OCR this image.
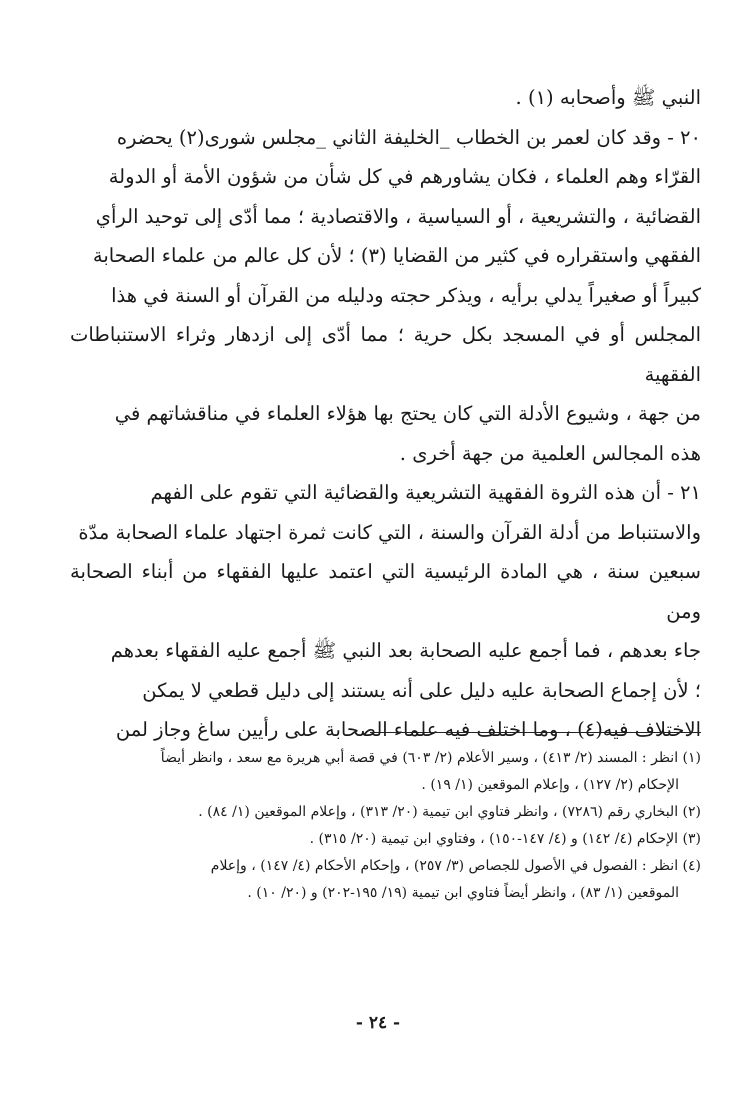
النبي ﷺ وأصحابه (١) .

٢٠ - وقد كان لعمر بن الخطاب _الخليفة الثاني _مجلس شورى(٢) يحضره

القرّاء وهم العلماء ، فكان يشاورهم في كل شأن من شؤون الأمة أو الدولة

القضائية ، والتشريعية ، أو السياسية ، والاقتصادية ؛ مما أدّى إلى توحيد الرأي

الفقهي واستقراره في كثير من القضايا (٣) ؛ لأن كل عالم من علماء الصحابة

كبيراً أو صغيراً يدلي برأيه ، ويذكر حجته ودليله من القرآن أو السنة في هذا

المجلس أو في المسجد بكل حرية ؛ مما أدّى إلى ازدهار وثراء الاستنباطات الفقهية

من جهة ، وشيوع الأدلة التي كان يحتج بها هؤلاء العلماء في مناقشاتهم في

هذه المجالس العلمية من جهة أخرى .

٢١ - أن هذه الثروة الفقهية التشريعية والقضائية التي تقوم على الفهم

والاستنباط من أدلة القرآن والسنة ، التي كانت ثمرة اجتهاد علماء الصحابة مدّة

سبعين سنة ، هي المادة الرئيسية التي اعتمد عليها الفقهاء من أبناء الصحابة ومن

جاء بعدهم ، فما أجمع عليه الصحابة بعد النبي ﷺ أجمع عليه الفقهاء بعدهم

؛ لأن إجماع الصحابة عليه دليل على أنه يستند إلى دليل قطعي لا يمكن

الاختلاف فيه(٤) ، وما اختلف فيه علماء الصحابة على رأيين ساغ وجاز لمن

(١) انظر : المسند (٢/ ٤١٣) ، وسير الأعلام (٢/ ٦٠٣) في قصة أبي هريرة مع سعد ، وانظر أيضاً

الإحكام (٢/ ١٢٧) ، وإعلام الموقعين (١/ ١٩) .

(٢) البخاري رقم (٧٢٨٦) ، وانظر فتاوي ابن تيمية (٢٠/ ٣١٣) ، وإعلام الموقعين (١/ ٨٤) .

(٣) الإحكام (٤/ ١٤٢) و (٤/ ١٤٧-١٥٠) ، وفتاوي ابن تيمية (٢٠/ ٣١٥) .

(٤) انظر : الفصول في الأصول للجصاص (٣/ ٢٥٧) ، وإحكام الأحكام (٤/ ١٤٧) ، وإعلام

الموقعين (١/ ٨٣) ، وانظر أيضاً فتاوي ابن تيمية (١٩/ ١٩٥-٢٠٢) و (٢٠/ ١٠) .

- ٢٤ -
